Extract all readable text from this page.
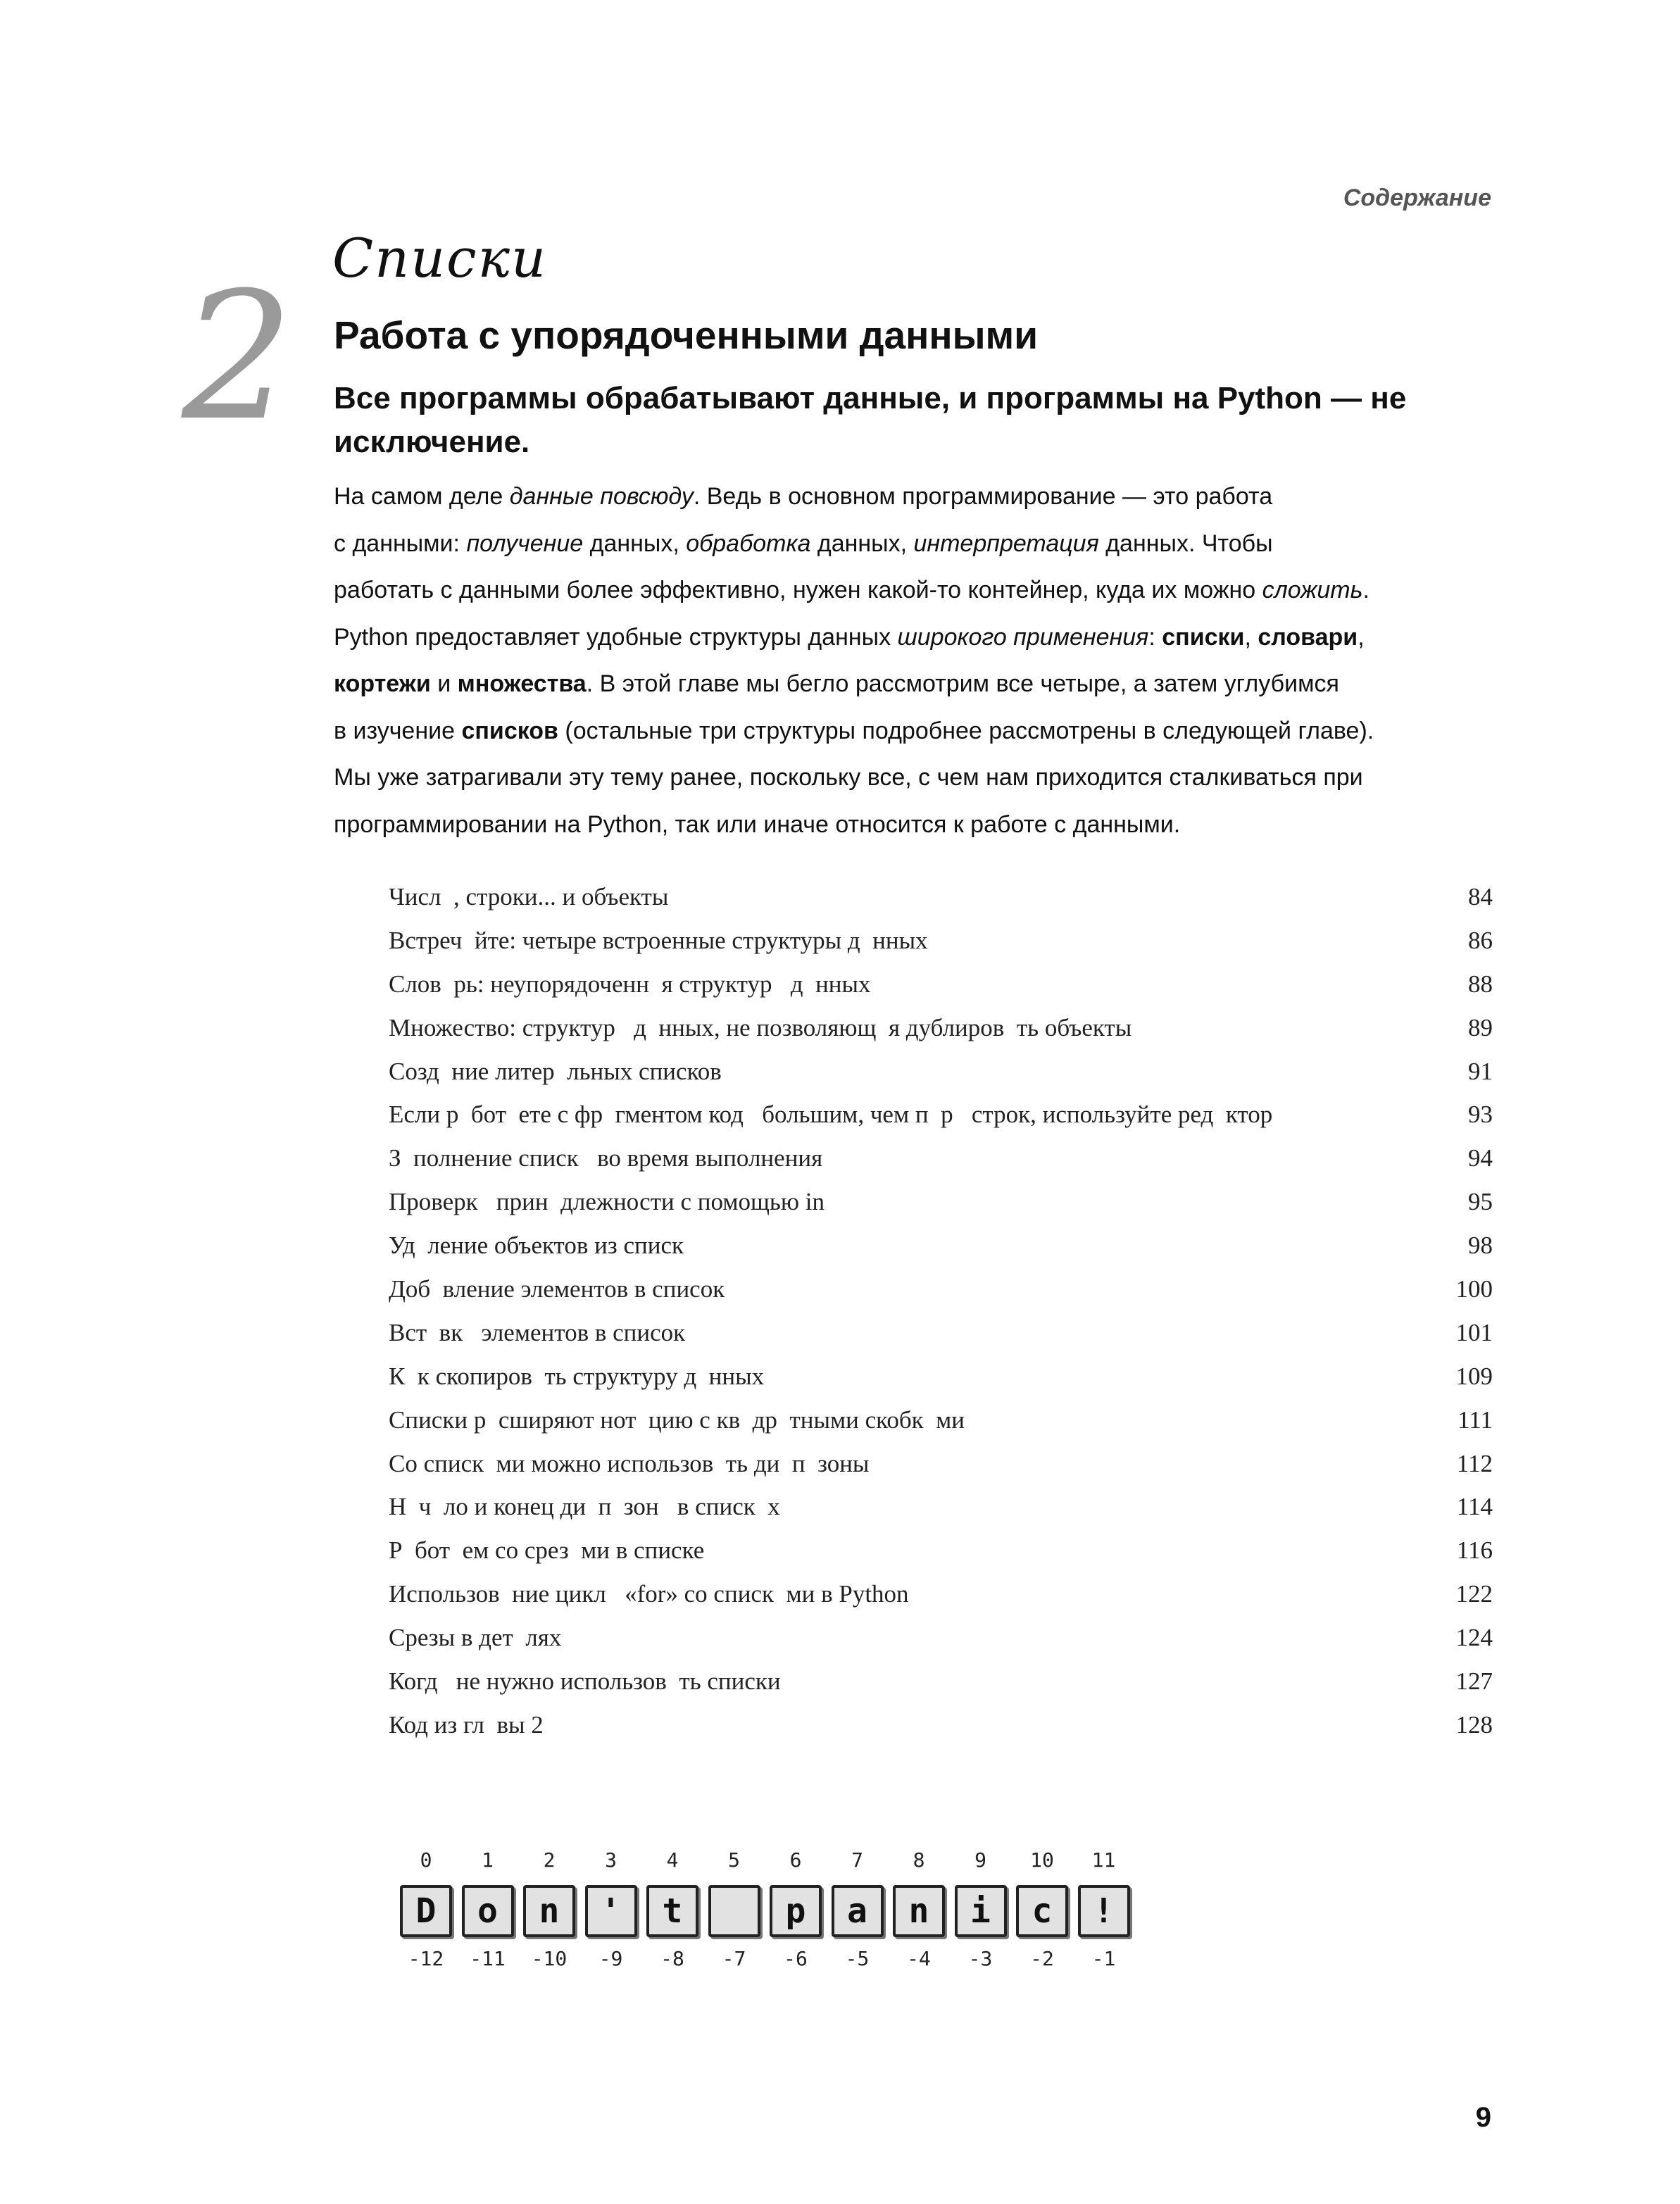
Содержание
2 Списки
Работа с упорядоченными данными
Все программы обрабатывают данные, и программы на Python — не исключение.
На самом деле данные повсюду. Ведь в основном программирование — это работа
с данными: получение данных, обработка данных, интерпретация данных. Чтобы
работать с данными более эффективно, нужен какой-то контейнер, куда их можно сложить.
Python предоставляет удобные структуры данных широкого применения: списки, словари,
кортежи и множества. В этой главе мы бегло рассмотрим все четыре, а затем углубимся
в изучение списков (остальные три структуры подробнее рассмотрены в следующей главе).
Мы уже затрагивали эту тему ранее, поскольку все, с чем нам приходится сталкиваться при
программировании на Python, так или иначе относится к работе с данными.
Числ  , строки... и объекты	84
Встреч  йте: четыре встроенные структуры д  нных	86
Слов  рь: неупорядоченн  я структур   д  нных	88
Множество: структур   д  нных, не позволяющ  я дублиров  ть объекты	89
Созд  ние литер  льных списков	91
Если р  бот  ете с фр  гментом код   большим, чем п  р   строк, используйте ред  ктор	93
З  полнение списк   во время выполнения	94
Проверк   прин  длежности с помощью in	95
Уд  ление объектов из списк	98
Доб  вление элементов в список	100
Вст  вк   элементов в список	101
К  к скопиров  ть структуру д  нных	109
Списки р  сширяют нот  цию с кв  др  тными скобк  ми	111
Со списк  ми можно использов  ть ди  п  зоны	112
Н  ч  ло и конец ди  п  зон   в списк  х	114
Р  бот  ем со срез  ми в списке	116
Использов  ние цикл   «for» со списк  ми в Python	122
Срезы в дет  лях	124
Когд   не нужно использов  ть списки	127
Код из гл  вы 2	128
0
D
-12
1
o
-11
2
n
-10
3
'
-9
4
t
-8
5
-7
6
p
-6
7
a
-5
8
n
-4
9
i
-3
10
c
-2
11
!
-1
9
